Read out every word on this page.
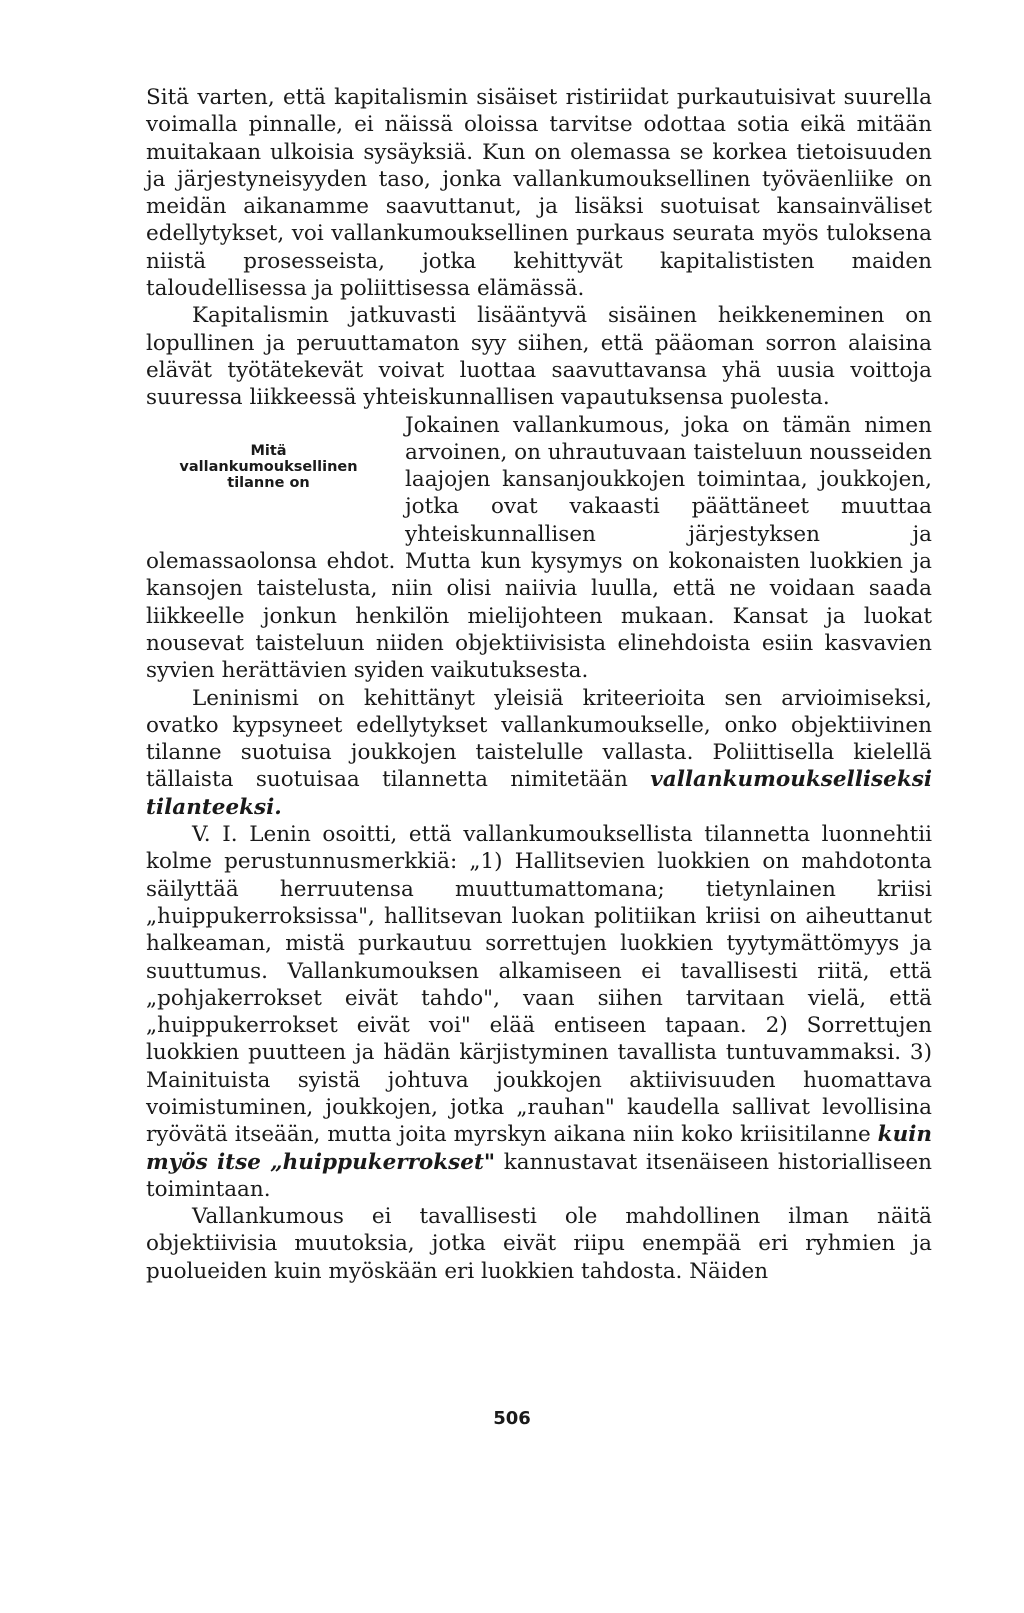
Sitä varten, että kapitalismin sisäiset ristiriidat purkautuisivat suurella voimalla pinnalle, ei näissä oloissa tarvitse odottaa sotia eikä mitään muitakaan ulkoisia sysäyksiä. Kun on olemassa se korkea tietoisuuden ja järjestyneisyyden taso, jonka vallankumouksellinen työväenliike on meidän aikanamme saavuttanut, ja lisäksi suotuisat kansainväliset edellytykset, voi vallankumouksellinen purkaus seurata myös tuloksena niistä prosesseista, jotka kehittyvät kapitalististen maiden taloudellisessa ja poliittisessa elämässä.

Kapitalismin jatkuvasti lisääntyvä sisäinen heikkeneminen on lopullinen ja peruuttamaton syy siihen, että pääoman sorron alaisina elävät työtätekevät voivat luottaa saavuttavansa yhä uusia voittoja suuressa liikkeessä yhteiskunnallisen vapautuksensa puolesta.

Mitä
vallankumouksellinen
tilanne on

Jokainen vallankumous, joka on tämän nimen arvoinen, on uhrautuvaan taisteluun nousseiden laajojen kansanjoukkojen toimintaa, joukkojen, jotka ovat vakaasti päättäneet muuttaa yhteiskunnallisen järjestyksen ja olemassaolonsa ehdot. Mutta kun kysymys on kokonaisten luokkien ja kansojen taistelusta, niin olisi naiivia luulla, että ne voidaan saada liikkeelle jonkun henkilön mielijohteen mukaan. Kansat ja luokat nousevat taisteluun niiden objektiivisista elinehdoista esiin kasvavien syvien herättävien syiden vaikutuksesta.

Leninismi on kehittänyt yleisiä kriteerioita sen arvioimiseksi, ovatko kypsyneet edellytykset vallankumoukselle, onko objektiivinen tilanne suotuisa joukkojen taistelulle vallasta. Poliittisella kielellä tällaista suotuisaa tilannetta nimitetään vallankumoukselliseksi tilanteeksi.

V. I. Lenin osoitti, että vallankumouksellista tilannetta luonnehtii kolme perustunnusmerkkiä: „1) Hallitsevien luokkien on mahdotonta säilyttää herruutensa muuttumattomana; tietynlainen kriisi „huippukerroksissa", hallitsevan luokan politiikan kriisi on aiheuttanut halkeaman, mistä purkautuu sorrettujen luokkien tyytymättömyys ja suuttumus. Vallankumouksen alkamiseen ei tavallisesti riitä, että „pohjakerrokset eivät tahdo", vaan siihen tarvitaan vielä, että „huippukerrokset eivät voi" elää entiseen tapaan. 2) Sorrettujen luokkien puutteen ja hädän kärjistyminen tavallista tuntuvammaksi. 3) Mainituista syistä johtuva joukkojen aktiivisuuden huomattava voimistuminen, joukkojen, jotka „rauhan" kaudella sallivat levollisina ryövätä itseään, mutta joita myrskyn aikana niin koko kriisitilanne kuin myös itse „huippukerrokset" kannustavat itsenäiseen historialliseen toimintaan.

Vallankumous ei tavallisesti ole mahdollinen ilman näitä objektiivisia muutoksia, jotka eivät riipu enempää eri ryhmien ja puolueiden kuin myöskään eri luokkien tahdosta. Näiden

506
